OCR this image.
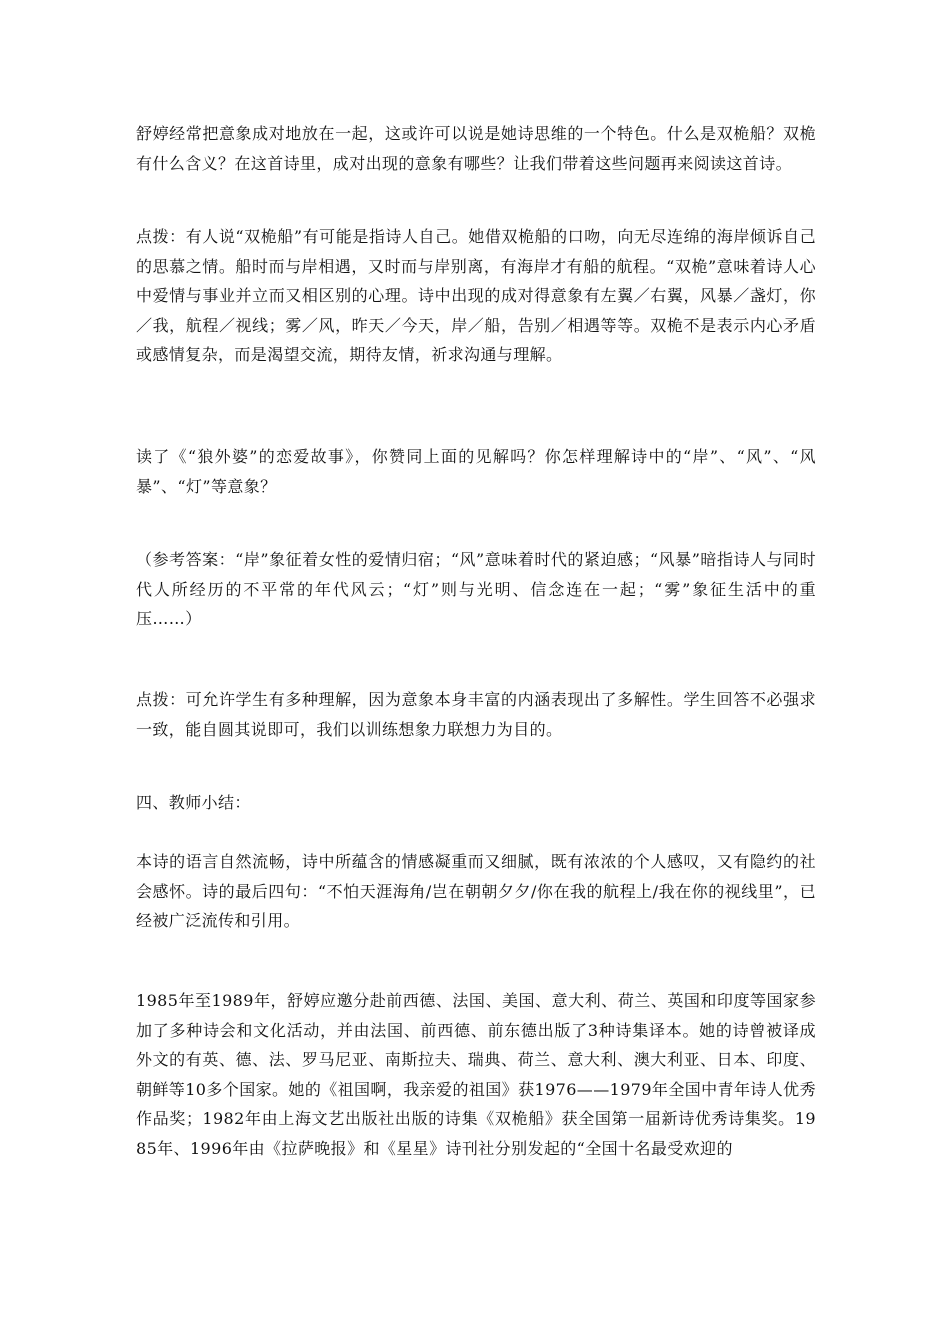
舒婷经常把意象成对地放在一起，这或许可以说是她诗思维的一个特色。什么是双桅船？双桅有什么含义？在这首诗里，成对出现的意象有哪些？让我们带着这些问题再来阅读这首诗。

点拨：有人说“双桅船”有可能是指诗人自己。她借双桅船的口吻，向无尽连绵的海岸倾诉自己的思慕之情。船时而与岸相遇，又时而与岸别离，有海岸才有船的航程。“双桅”意味着诗人心中爱情与事业并立而又相区别的心理。诗中出现的成对得意象有左翼／右翼，风暴／盏灯，你／我，航程／视线；雾／风，昨天／今天，岸／船，告别／相遇等等。双桅不是表示内心矛盾或感情复杂，而是渴望交流，期待友情，祈求沟通与理解。

读了《“狼外婆”的恋爱故事》，你赞同上面的见解吗？你怎样理解诗中的“岸”、“风”、“风暴”、“灯”等意象？

（参考答案：“岸”象征着女性的爱情归宿；“风”意味着时代的紧迫感；“风暴”暗指诗人与同时代人所经历的不平常的年代风云；“灯”则与光明、信念连在一起；“雾”象征生活中的重压……）

点拨：可允许学生有多种理解，因为意象本身丰富的内涵表现出了多解性。学生回答不必强求一致，能自圆其说即可，我们以训练想象力联想力为目的。

四、教师小结：

本诗的语言自然流畅，诗中所蕴含的情感凝重而又细腻，既有浓浓的个人感叹，又有隐约的社会感怀。诗的最后四句：“不怕天涯海角/岂在朝朝夕夕/你在我的航程上/我在你的视线里”，已经被广泛流传和引用。

1985年至1989年，舒婷应邀分赴前西德、法国、美国、意大利、荷兰、英国和印度等国家参加了多种诗会和文化活动，并由法国、前西德、前东德出版了3种诗集译本。她的诗曾被译成外文的有英、德、法、罗马尼亚、南斯拉夫、瑞典、荷兰、意大利、澳大利亚、日本、印度、朝鲜等10多个国家。她的《祖国啊，我亲爱的祖国》获1976——1979年全国中青年诗人优秀作品奖；1982年由上海文艺出版社出版的诗集《双桅船》获全国第一届新诗优秀诗集奖。1985年、1996年由《拉萨晚报》和《星星》诗刊社分别发起的“全国十名最受欢迎的
